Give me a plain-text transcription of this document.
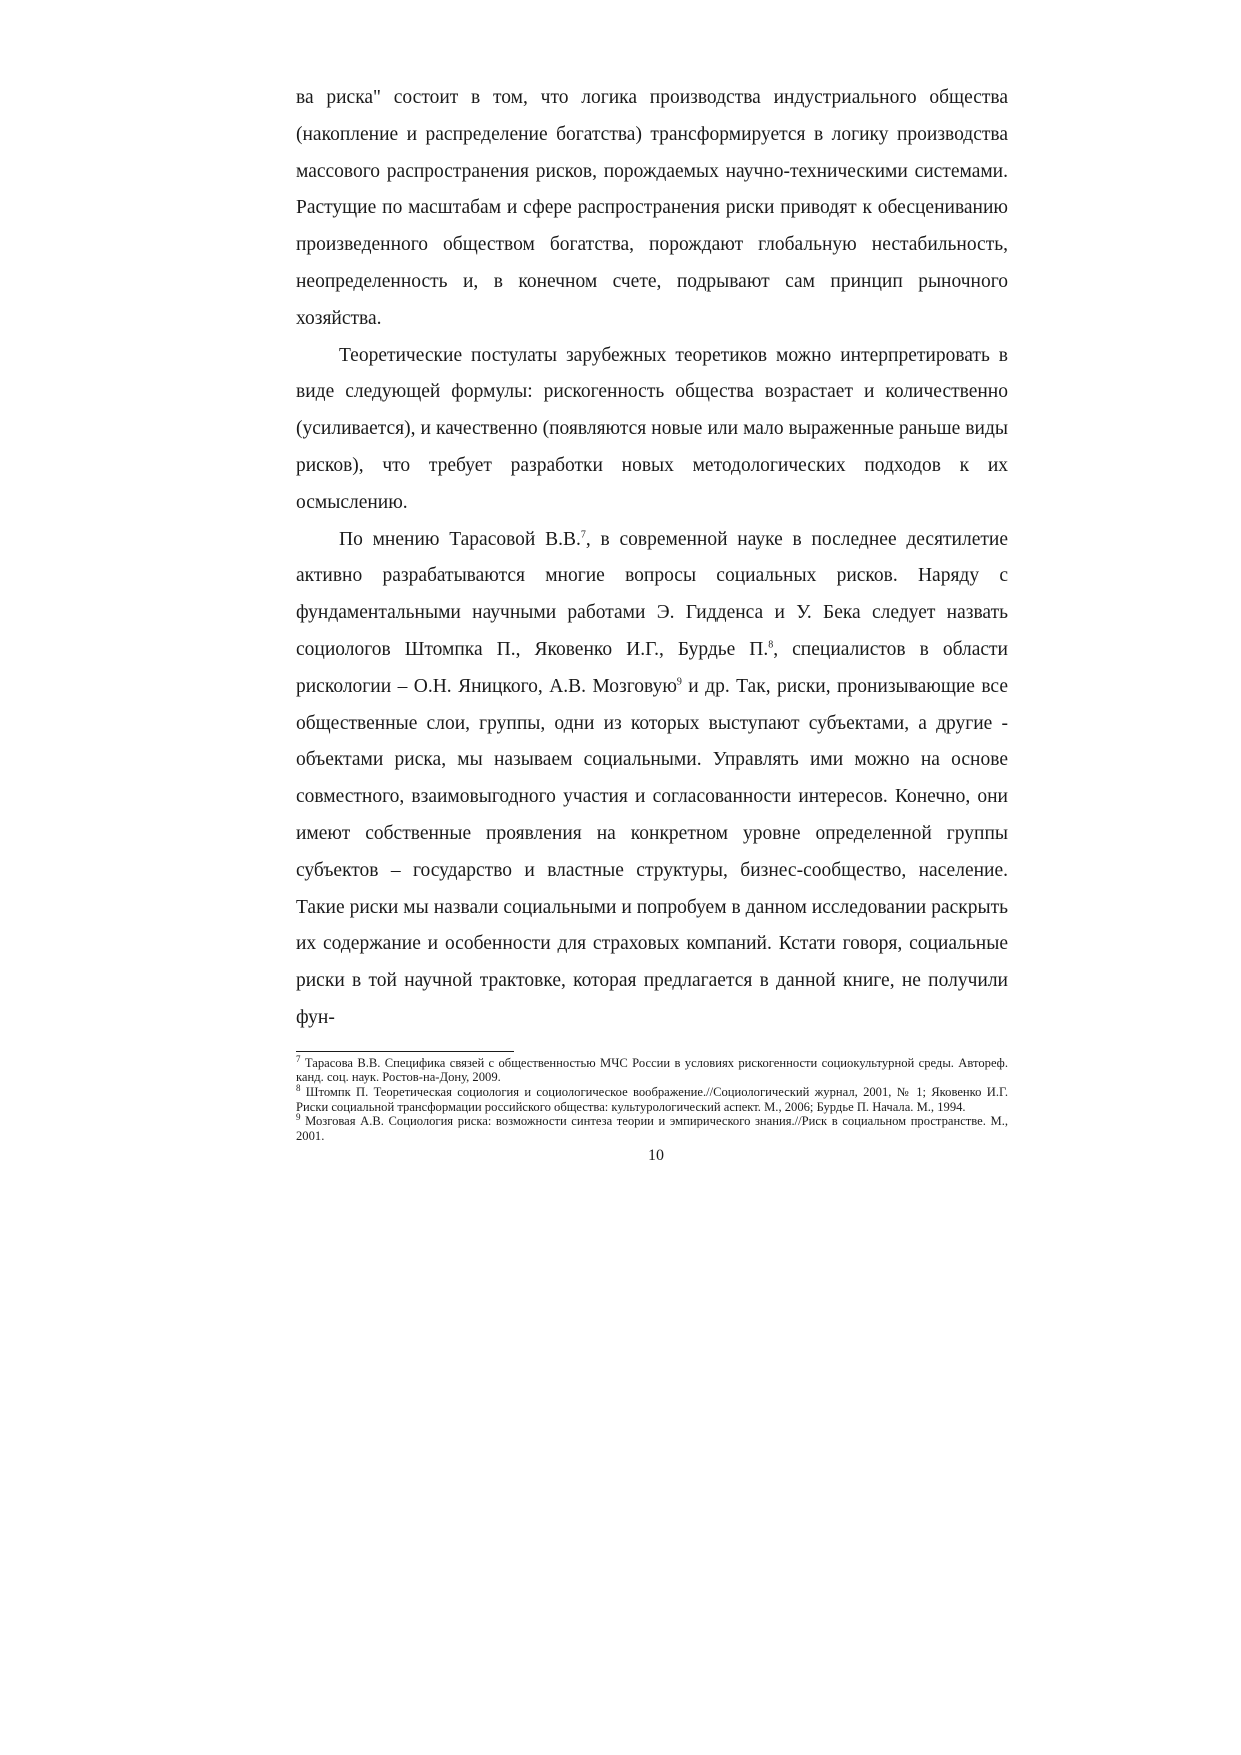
ва риска" состоит в том, что логика производства индустриального общества (накопление и распределение богатства) трансформируется в логику производства массового распространения рисков, порождаемых научно-техническими системами. Растущие по масштабам и сфере распространения риски приводят к обесцениванию произведенного обществом богатства, порождают глобальную нестабильность, неопределенность и, в конечном счете, подрывают сам принцип рыночного хозяйства.

Теоретические постулаты зарубежных теоретиков можно интерпретировать в виде следующей формулы: рискогенность общества возрастает и количественно (усиливается), и качественно (появляются новые или мало выраженные раньше виды рисков), что требует разработки новых методологических подходов к их осмыслению.

По мнению Тарасовой В.В.$^7$, в современной науке в последнее десятилетие активно разрабатываются многие вопросы социальных рисков. Наряду с фундаментальными научными работами Э. Гидденса и У. Бека следует назвать социологов Штомпка П., Яковенко И.Г., Бурдье П.$^8$, специалистов в области рискологии – О.Н. Яницкого, А.В. Мозговую$^9$ и др. Так, риски, пронизывающие все общественные слои, группы, одни из которых выступают субъектами, а другие - объектами риска, мы называем социальными. Управлять ими можно на основе совместного, взаимовыгодного участия и согласованности интересов. Конечно, они имеют собственные проявления на конкретном уровне определенной группы субъектов – государство и властные структуры, бизнес-сообщество, население. Такие риски мы назвали социальными и попробуем в данном исследовании раскрыть их содержание и особенности для страховых компаний. Кстати говоря, социальные риски в той научной трактовке, которая предлагается в данной книге, не получили фун-

$^7$ Тарасова В.В. Специфика связей с общественностью МЧС России в условиях рискогенности социокультурной среды. Автореф. канд. соц. наук. Ростов-на-Дону, 2009.

$^8$ Штомпк П. Теоретическая социология и социологическое воображение.//Социологический журнал, 2001, № 1; Яковенко И.Г. Риски социальной трансформации российского общества: культурологический аспект. М., 2006; Бурдье П. Начала. М., 1994.

$^9$ Мозговая А.В. Социология риска: возможности синтеза теории и эмпирического знания.//Риск в социальном пространстве. М., 2001.

10
